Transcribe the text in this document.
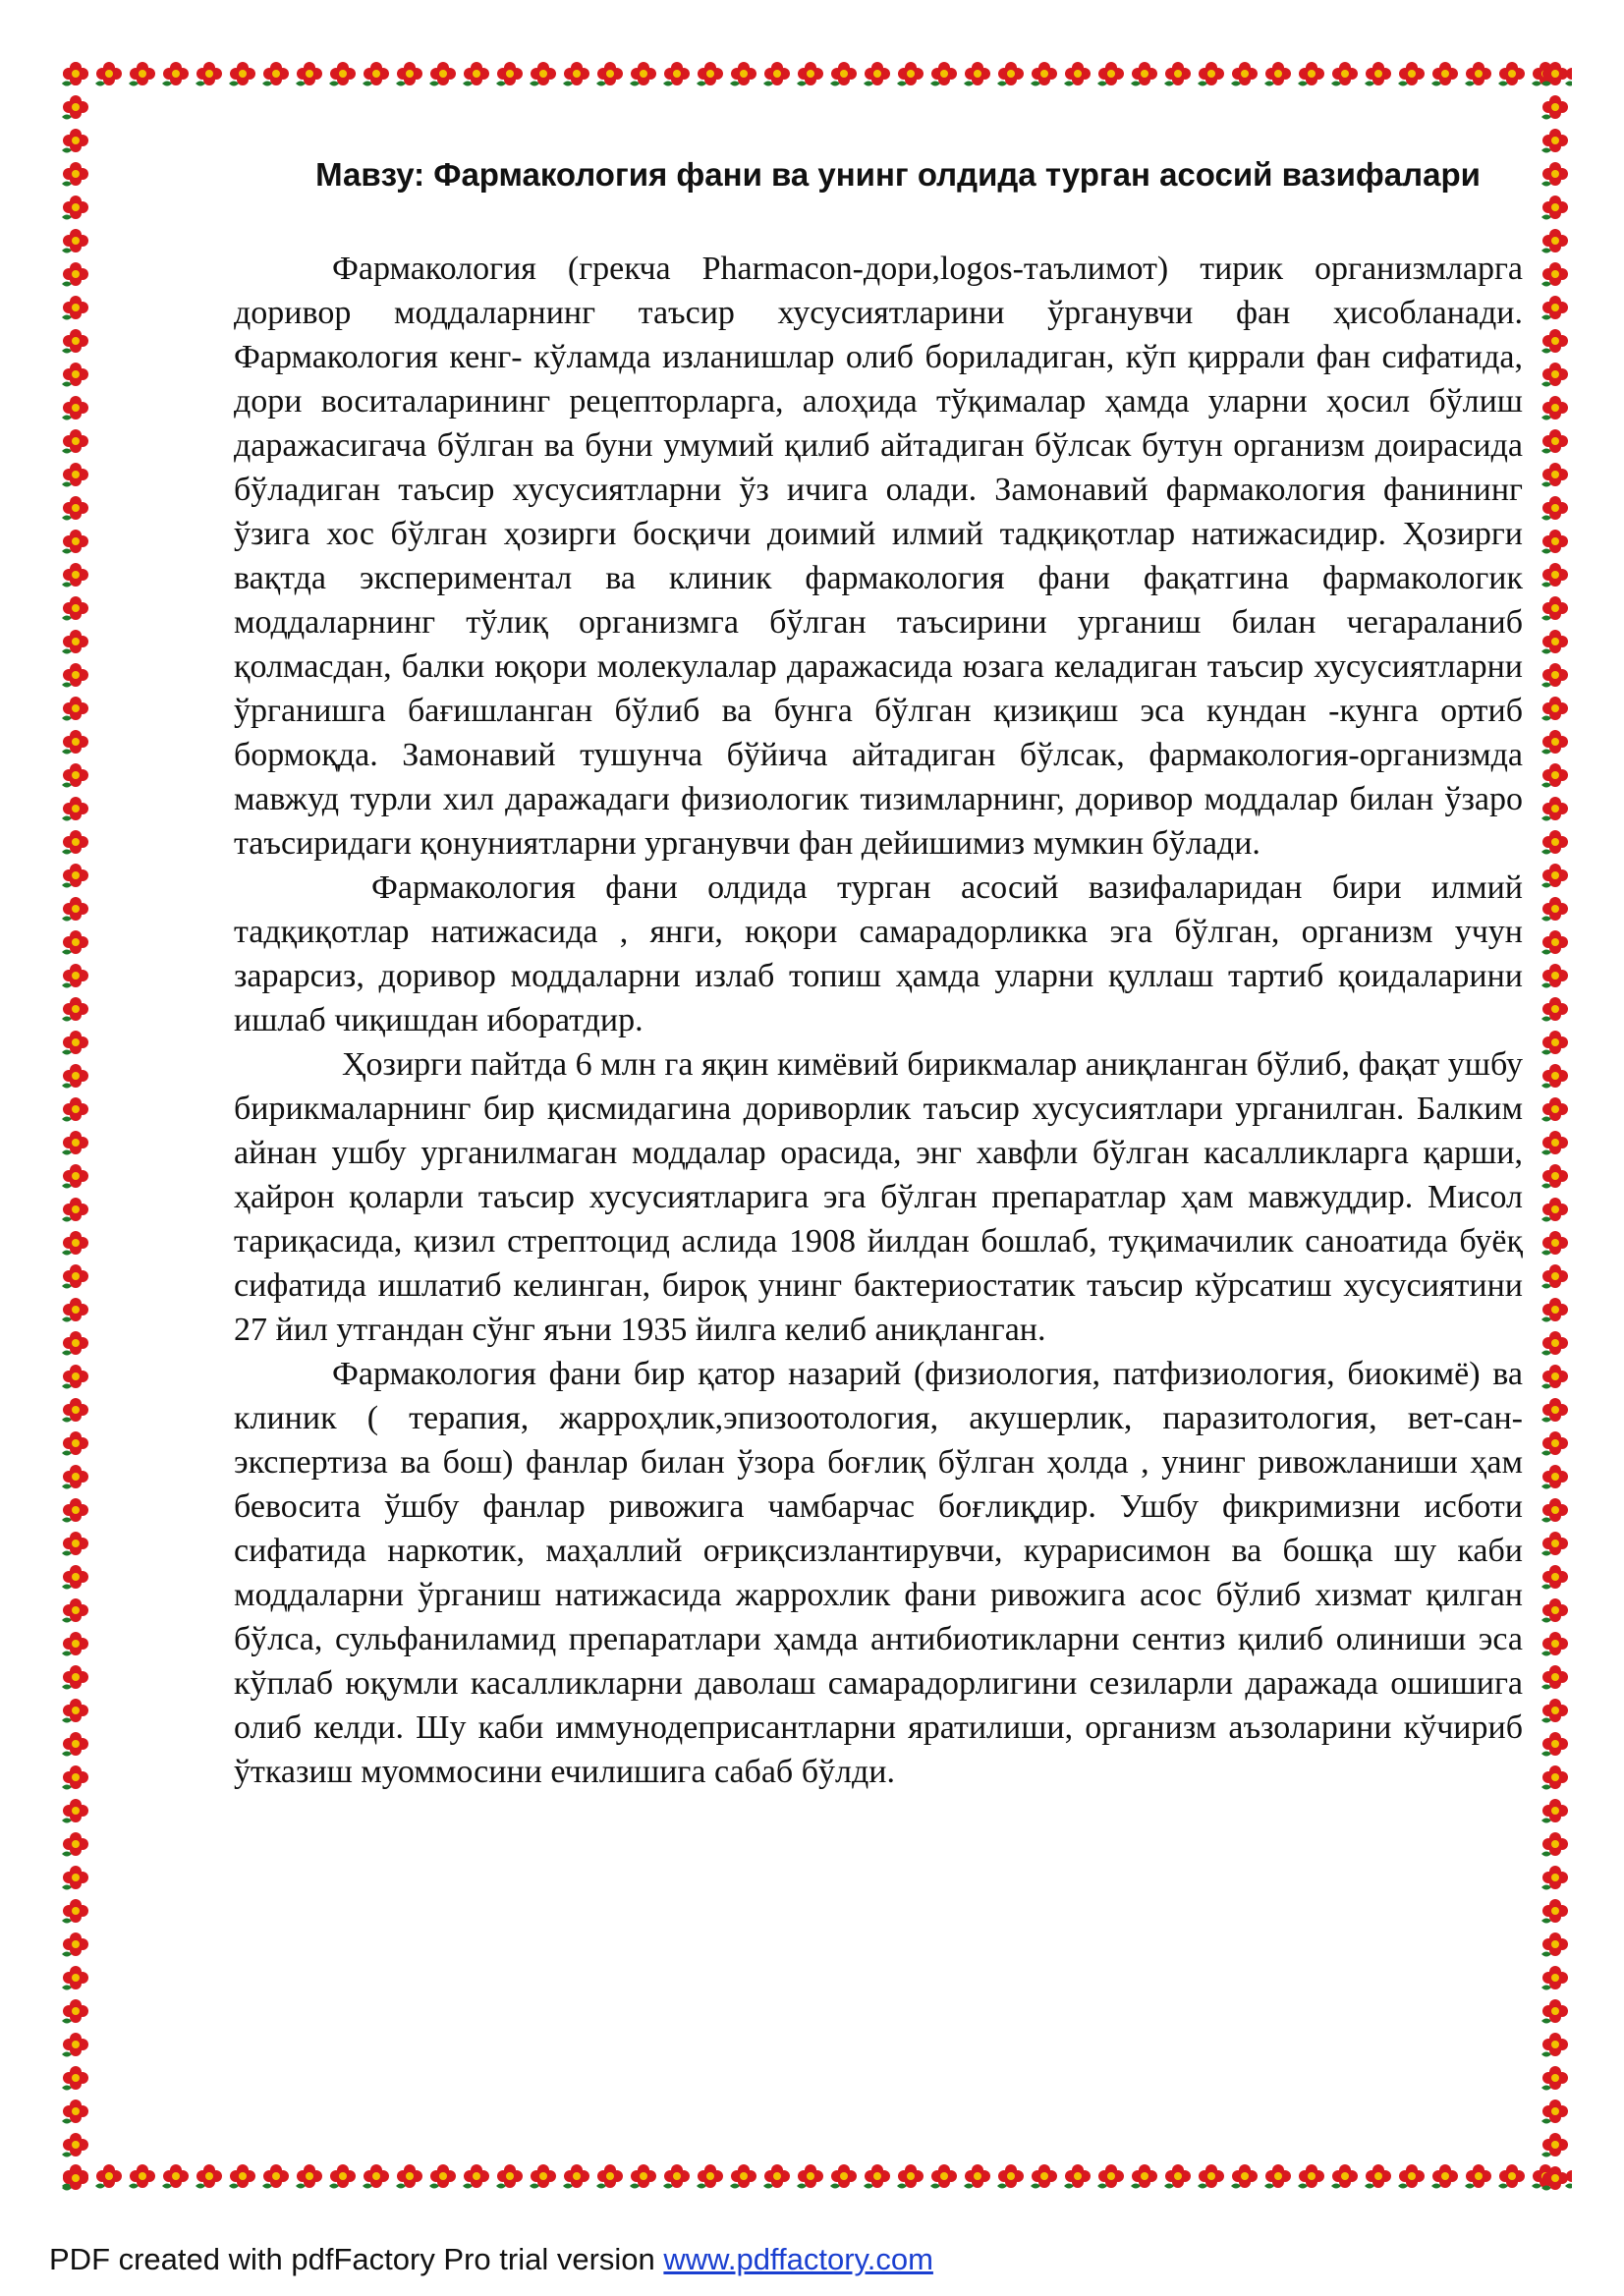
Мавзу: Фармакология фани ва унинг олдида турган асосий вазифалари

Фармакология (грекча Pharmacon-дори,logos-таълимот) тирик организмларга доривор моддаларнинг таъсир хусусиятларини ўрганувчи фан ҳисобланади. Фармакология кенг- кўламда изланишлар олиб бориладиган, кўп қиррали фан сифатида, дори воситаларининг рецепторларга, алоҳида тўқималар ҳамда уларни ҳосил бўлиш даражасигача бўлган ва буни умумий қилиб айтадиган бўлсак бутун организм доирасида бўладиган таъсир хусусиятларни ўз ичига олади. Замонавий фармакология фанининг ўзига хос бўлган ҳозирги босқичи доимий илмий тадқиқотлар натижасидир. Ҳозирги вақтда экспериментал ва клиник фармакология фани фақатгина фармакологик моддаларнинг тўлиқ организмга бўлган таъсирини урганиш билан чегараланиб қолмасдан, балки юқори молекулалар даражасида юзага келадиган таъсир хусусиятларни ўрганишга бағишланган бўлиб ва бунга бўлган қизиқиш эса кундан -кунга ортиб бормоқда. Замонавий тушунча бўйича айтадиган бўлсак, фармакология-организмда мавжуд турли хил даражадаги физиологик тизимларнинг, доривор моддалар билан ўзаро таъсиридаги қонуниятларни урганувчи фан дейишимиз мумкин бўлади.

Фармакология фани олдида турган асосий вазифаларидан бири илмий тадқиқотлар натижасида , янги, юқори самарадорликка эга бўлган, организм учун зарарсиз, доривор моддаларни излаб топиш ҳамда уларни қуллаш тартиб қоидаларини ишлаб чиқишдан иборатдир.

Ҳозирги пайтда 6 млн га яқин кимёвий бирикмалар аниқланган бўлиб, фақат ушбу бирикмаларнинг бир қисмидагина дориворлик таъсир хусусиятлари урганилган. Балким айнан ушбу урганилмаган моддалар орасида, энг хавфли бўлган касалликларга қарши, ҳайрон қоларли таъсир хусусиятларига эга бўлган препаратлар ҳам мавжуддир. Мисол тариқасида, қизил стрептоцид аслида 1908 йилдан бошлаб, туқимачилик саноатида буёқ сифатида ишлатиб келинган, бироқ унинг бактериостатик таъсир кўрсатиш хусусиятини 27 йил утгандан сўнг яъни 1935 йилга келиб аниқланган.

Фармакология фани бир қатор назарий (физиология, патфизиология, биокимё) ва клиник ( терапия, жарроҳлик,эпизоотология, акушерлик, паразитология, вет-сан-экспертиза ва бош) фанлар билан ўзора боғлиқ бўлган ҳолда , унинг ривожланиши ҳам бевосита ўшбу фанлар ривожига чамбарчас боғлиқдир. Ушбу фикримизни исботи сифатида наркотик, маҳаллий оғриқсизлантирувчи, курарисимон ва бошқа шу каби моддаларни ўрганиш натижасида жаррохлик фани ривожига асос бўлиб хизмат қилган бўлса, сульфаниламид препаратлари ҳамда антибиотикларни сентиз қилиб олиниши эса кўплаб юқумли касалликларни даволаш самарадорлигини сезиларли даражада ошишига олиб келди. Шу каби иммунодеприсантларни яратилиши, организм аъзоларини кўчириб ўтказиш муоммосини ечилишига сабаб бўлди.

PDF created with pdfFactory Pro trial version www.pdffactory.com
